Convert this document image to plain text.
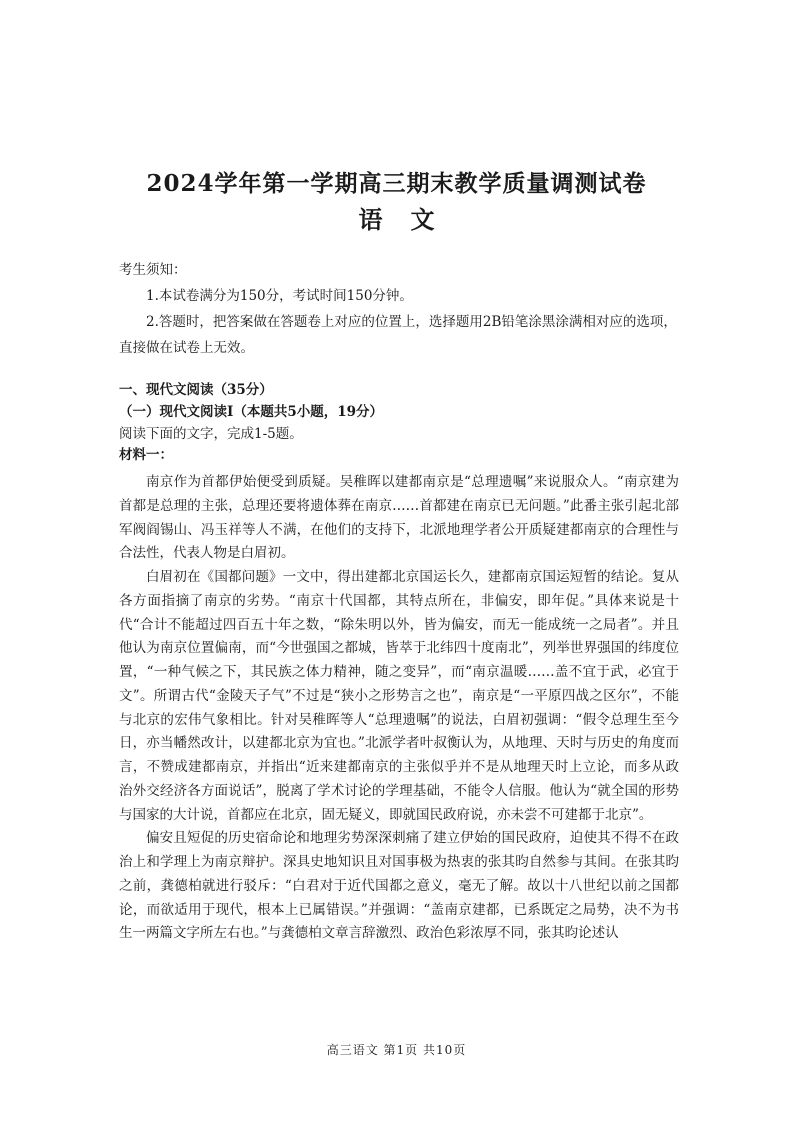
2024学年第一学期高三期末教学质量调测试卷
语文

考生须知：

1.本试卷满分为150分，考试时间150分钟。

2.答题时，把答案做在答题卷上对应的位置上，选择题用2B铅笔涂黑涂满相对应的选项，直接做在试卷上无效。

一、现代文阅读（35分）

（一）现代文阅读Ⅰ（本题共5小题，19分）

阅读下面的文字，完成1-5题。

材料一：

南京作为首都伊始便受到质疑。吴稚晖以建都南京是“总理遗嘱”来说服众人。“南京建为首都是总理的主张，总理还要将遗体葬在南京……首都建在南京已无问题。”此番主张引起北部军阀阎锡山、冯玉祥等人不满，在他们的支持下，北派地理学者公开质疑建都南京的合理性与合法性，代表人物是白眉初。

白眉初在《国都问题》一文中，得出建都北京国运长久，建都南京国运短暂的结论。复从各方面指摘了南京的劣势。“南京十代国都，其特点所在，非偏安，即年促。”具体来说是十代“合计不能超过四百五十年之数，“除朱明以外，皆为偏安，而无一能成统一之局者”。并且他认为南京位置偏南，而“今世强国之都城，皆萃于北纬四十度南北”，列举世界强国的纬度位置，“一种气候之下，其民族之体力精神，随之变异”，而“南京温暖……盖不宜于武，必宜于文”。所谓古代“金陵天子气”不过是“狭小之形势言之也”，南京是“一平原四战之区尔”，不能与北京的宏伟气象相比。针对吴稚晖等人“总理遗嘱”的说法，白眉初强调：“假令总理生至今日，亦当幡然改计，以建都北京为宜也。”北派学者叶叔衡认为，从地理、天时与历史的角度而言，不赞成建都南京，并指出“近来建都南京的主张似乎并不是从地理天时上立论，而多从政治外交经济各方面说话”，脱离了学术讨论的学理基础，不能令人信服。他认为“就全国的形势与国家的大计说，首都应在北京，固无疑义，即就国民政府说，亦未尝不可建都于北京”。

偏安且短促的历史宿命论和地理劣势深深刺痛了建立伊始的国民政府，迫使其不得不在政治上和学理上为南京辩护。深具史地知识且对国事极为热衷的张其昀自然参与其间。在张其昀之前，龚德柏就进行驳斥：“白君对于近代国都之意义，毫无了解。故以十八世纪以前之国都论，而欲适用于现代，根本上已属错误。”并强调：“盖南京建都，已系既定之局势，决不为书生一两篇文字所左右也。”与龚德柏文章言辞激烈、政治色彩浓厚不同，张其昀论述认

高三语文 第1页 共10页
